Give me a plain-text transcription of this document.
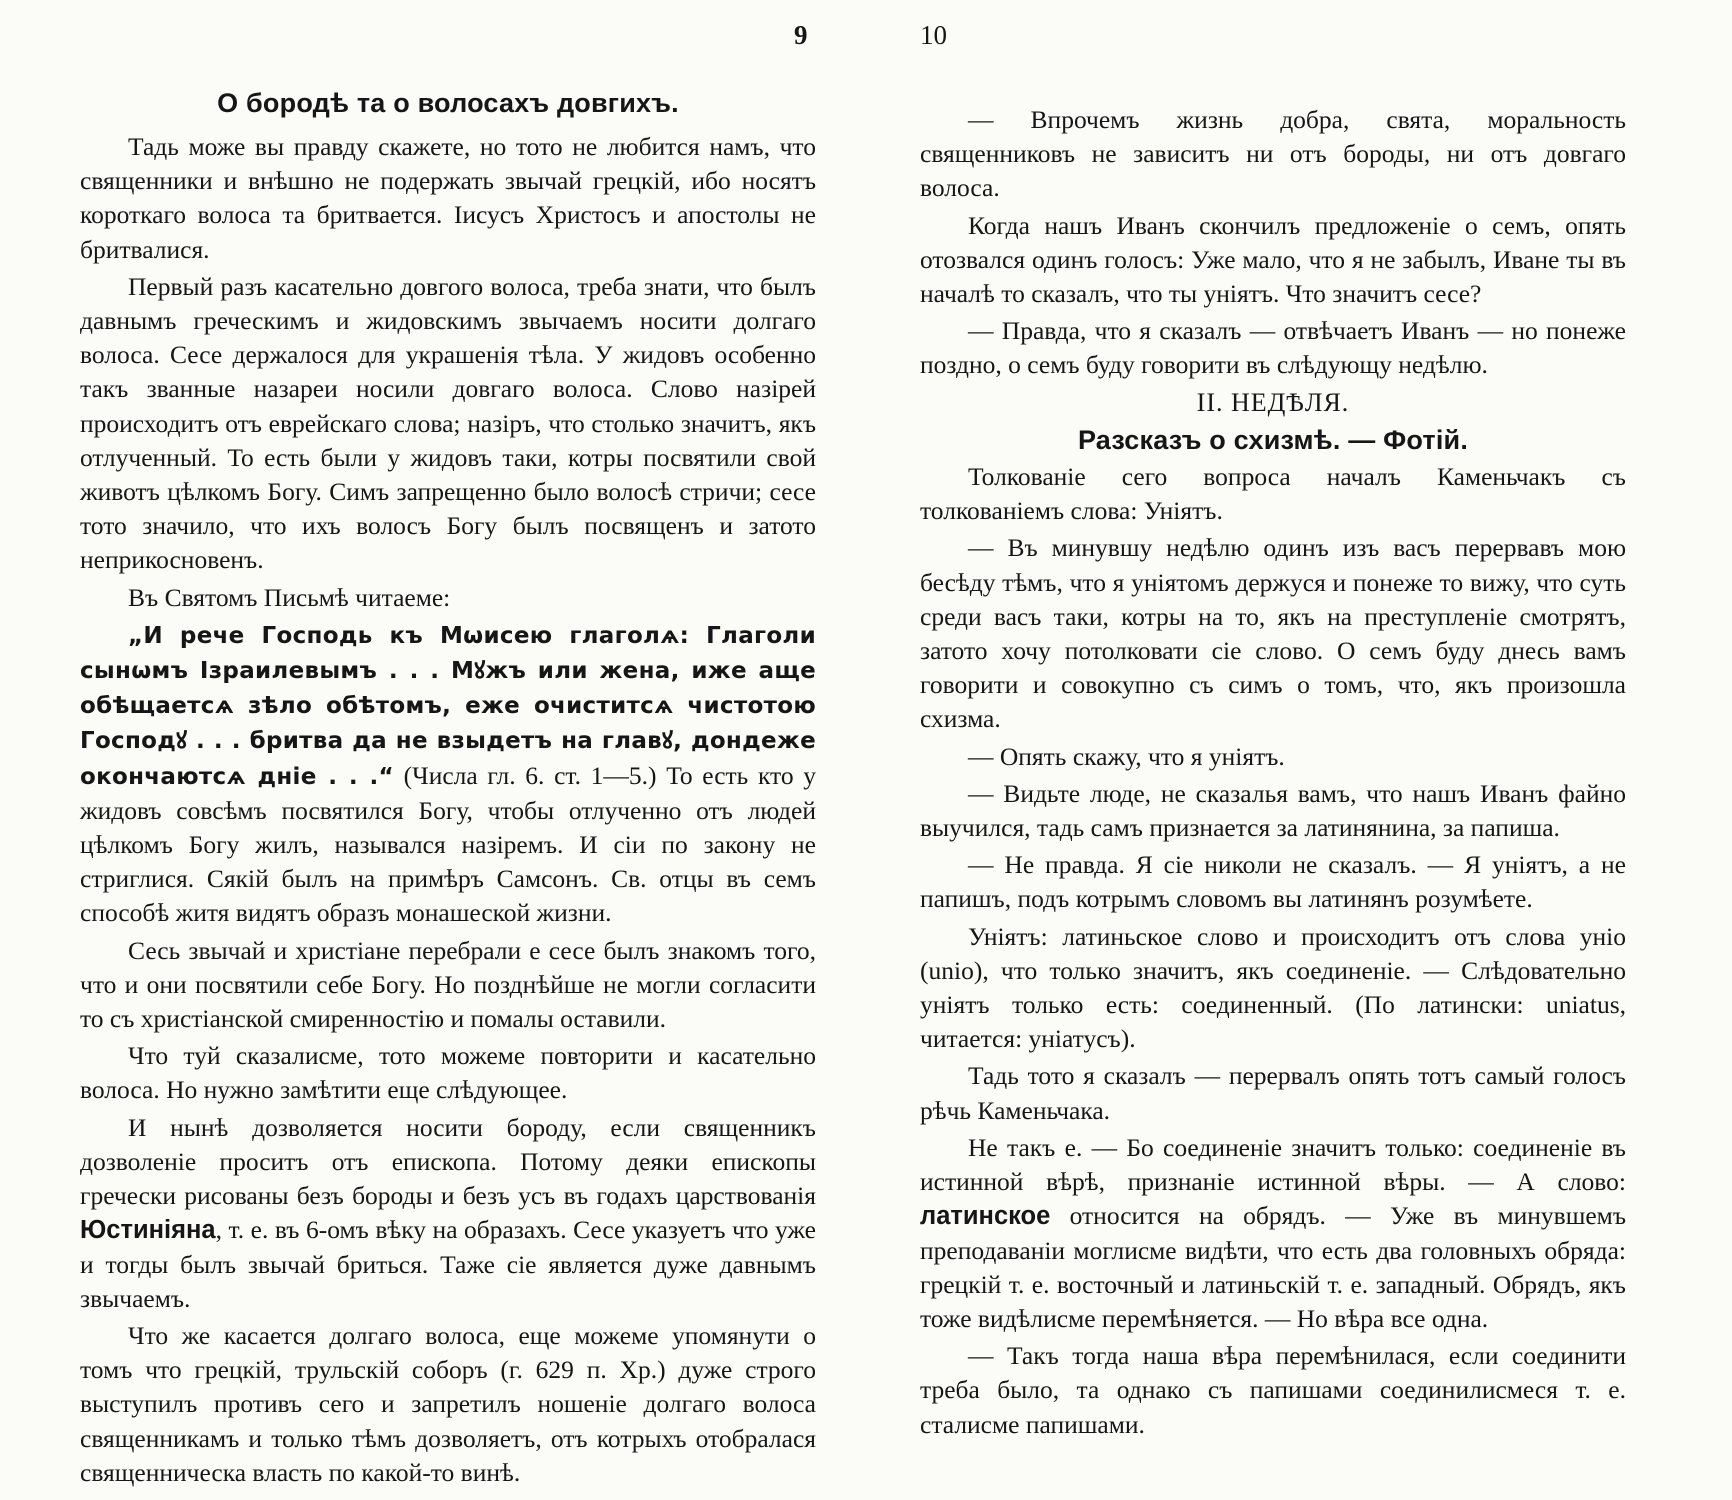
9
О бородѣ та о волосахъ довгихъ.

Тадь може вы правду скажете, но тото не любится намъ, что священники и внѣшно не подержать звычай грецкій, ибо носятъ короткаго волоса та бритвается. Іисусъ Христосъ и апостолы не бритвалися.

Первый разъ касательно довгого волоса, треба знати, что былъ давнымъ греческимъ и жидовскимъ звычаемъ носити долгаго волоса. Сесе держалося для украшенія тѣла. У жидовъ особенно такъ званные назареи носили довгаго волоса. Слово назірей происходитъ отъ еврейскаго слова; назіръ, что столько значитъ, якъ отлученный. То есть были у жидовъ таки, котры посвятили свой животъ цѣлкомъ Богу. Симъ запрещенно было волосѣ стричи; сесе тото значило, что ихъ волосъ Богу былъ посвященъ и затото неприкосновенъ.

Въ Святомъ Письмѣ читаеме:

„И рече Господь къ Мѡисею глаголѧ: Глаголи сынѡмъ Ізраилевымъ . . . Мꙋжъ или жена, иже аще обѣщаетсѧ зѣло обѣтомъ, еже очиститсѧ чистотою Господꙋ . . . бритва да не взыдетъ на главꙋ, дондеже окончаютсѧ дніе . . .“ (Числа гл. 6. ст. 1—5.) То есть кто у жидовъ совсѣмъ посвятился Богу, чтобы отлученно отъ людей цѣлкомъ Богу жилъ, назывался назіремъ. И сіи по закону не стриглися. Сякій былъ на примѣръ Самсонъ. Св. отцы въ семъ способѣ житя видятъ образъ монашеской жизни.

Сесь звычай и христіане перебрали е сесе былъ знакомъ того, что и они посвятили себе Богу. Но позднѣйше не могли согласити то съ христіанской смиренностію и помалы оставили.

Что туй сказалисме, тото можеме повторити и касательно волоса. Но нужно замѣтити еще слѣдующее.

И нынѣ дозволяется носити бороду, если священникъ дозволеніе проситъ отъ епископа. Потому деяки епископы гречески рисованы безъ бороды и безъ усъ въ годахъ царствованія Юстиніяна, т. е. въ 6-омъ вѣку на образахъ. Сесе указуетъ что уже и тогды былъ звычай бриться. Таже сіе является дуже давнымъ звычаемъ.

Что же касается долгаго волоса, еще можеме упомянути о томъ что грецкій, трульскій соборъ (г. 629 п. Хр.) дуже строго выступилъ противъ сего и запретилъ ношеніе долгаго волоса священникамъ и только тѣмъ дозволяетъ, отъ котрыхъ отобралася священническа власть по какой-то винѣ.

10

— Впрочемъ жизнь добра, свята, моральность священниковъ не зависитъ ни отъ бороды, ни отъ довгаго волоса.

Когда нашъ Иванъ скончилъ предложеніе о семъ, опять отозвался одинъ голосъ: Уже мало, что я не забылъ, Иване ты въ началѣ то сказалъ, что ты уніятъ. Что значитъ сесе?

— Правда, что я сказалъ — отвѣчаетъ Иванъ — но понеже поздно, о семъ буду говорити въ слѣдующу недѣлю.

II. НЕДѢЛЯ.

Разсказъ о схизмѣ. — Фотій.

Толкованіе сего вопроса началъ Каменьчакъ съ толкованіемъ слова: Уніятъ.

— Въ минувшу недѣлю одинъ изъ васъ перервавъ мою бесѣду тѣмъ, что я уніятомъ держуся и понеже то вижу, что суть среди васъ таки, котры на то, якъ на преступленіе смотрятъ, затото хочу потолковати сіе слово. О семъ буду днесь вамъ говорити и совокупно съ симъ о томъ, что, якъ произошла схизма.

— Опять скажу, что я уніятъ.

— Видьте люде, не сказалья вамъ, что нашъ Иванъ файно выучился, тадь самъ признается за латинянина, за папиша.

— Не правда. Я сіе николи не сказалъ. — Я уніятъ, а не папишъ, подъ котрымъ словомъ вы латинянъ розумѣете.

Уніятъ: латиньское слово и происходитъ отъ слова уніо (unio), что только значитъ, якъ соединеніе. — Слѣдовательно уніятъ только есть: соединенный. (По латински: uniatus, читается: уніатусъ).

Тадь тото я сказалъ — перервалъ опять тотъ самый голосъ рѣчь Каменьчака.

Не такъ е. — Бо соединеніе значитъ только: соединеніе въ истинной вѣрѣ, признаніе истинной вѣры. — А слово: латинское относится на обрядъ. — Уже въ минувшемъ преподаваніи моглисме видѣти, что есть два головныхъ обряда: грецкій т. е. восточный и латиньскій т. е. западный. Обрядъ, якъ тоже видѣлисме перемѣняется. — Но вѣра все одна.

— Такъ тогда наша вѣра перемѣнилася, если соединити треба было, та однако съ папишами соединилисмеся т. е. сталисме папишами.
